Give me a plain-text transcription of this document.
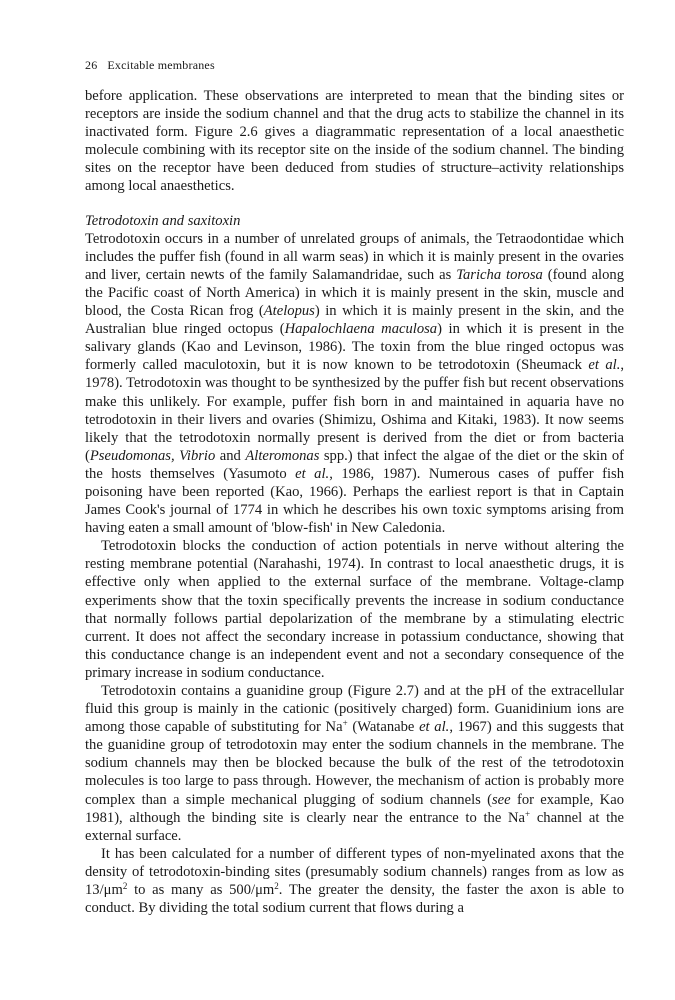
26 Excitable membranes

before application. These observations are interpreted to mean that the binding sites or receptors are inside the sodium channel and that the drug acts to stabilize the channel in its inactivated form. Figure 2.6 gives a diagrammatic representation of a local anaesthetic molecule combining with its receptor site on the inside of the sodium channel. The binding sites on the receptor have been deduced from studies of structure–activity relationships among local anaesthetics.

Tetrodotoxin and saxitoxin

Tetrodotoxin occurs in a number of unrelated groups of animals, the Tetraodontidae which includes the puffer fish (found in all warm seas) in which it is mainly present in the ovaries and liver, certain newts of the family Salamandridae, such as Taricha torosa (found along the Pacific coast of North America) in which it is mainly present in the skin, muscle and blood, the Costa Rican frog (Atelopus) in which it is mainly present in the skin, and the Australian blue ringed octopus (Hapalochlaena maculosa) in which it is present in the salivary glands (Kao and Levinson, 1986). The toxin from the blue ringed octopus was formerly called maculotoxin, but it is now known to be tetrodotoxin (Sheumack et al., 1978). Tetrodotoxin was thought to be synthesized by the puffer fish but recent observations make this unlikely. For example, puffer fish born in and maintained in aquaria have no tetrodotoxin in their livers and ovaries (Shimizu, Oshima and Kitaki, 1983). It now seems likely that the tetrodotoxin normally present is derived from the diet or from bacteria (Pseudomonas, Vibrio and Alteromonas spp.) that infect the algae of the diet or the skin of the hosts themselves (Yasumoto et al., 1986, 1987). Numerous cases of puffer fish poisoning have been reported (Kao, 1966). Perhaps the earliest report is that in Captain James Cook's journal of 1774 in which he describes his own toxic symptoms arising from having eaten a small amount of 'blow-fish' in New Caledonia.

Tetrodotoxin blocks the conduction of action potentials in nerve without altering the resting membrane potential (Narahashi, 1974). In contrast to local anaesthetic drugs, it is effective only when applied to the external surface of the membrane. Voltage-clamp experiments show that the toxin specifically prevents the increase in sodium conductance that normally follows partial depolarization of the membrane by a stimulating electric current. It does not affect the secondary increase in potassium conductance, showing that this conductance change is an independent event and not a secondary consequence of the primary increase in sodium conductance.

Tetrodotoxin contains a guanidine group (Figure 2.7) and at the pH of the extracellular fluid this group is mainly in the cationic (positively charged) form. Guanidinium ions are among those capable of substituting for Na+ (Watanabe et al., 1967) and this suggests that the guanidine group of tetrodotoxin may enter the sodium channels in the membrane. The sodium channels may then be blocked because the bulk of the rest of the tetrodotoxin molecules is too large to pass through. However, the mechanism of action is probably more complex than a simple mechanical plugging of sodium channels (see for example, Kao 1981), although the binding site is clearly near the entrance to the Na+ channel at the external surface.

It has been calculated for a number of different types of non-myelinated axons that the density of tetrodotoxin-binding sites (presumably sodium channels) ranges from as low as $13/\mu m^2$ to as many as $500/\mu m^2$. The greater the density, the faster the axon is able to conduct. By dividing the total sodium current that flows during a
